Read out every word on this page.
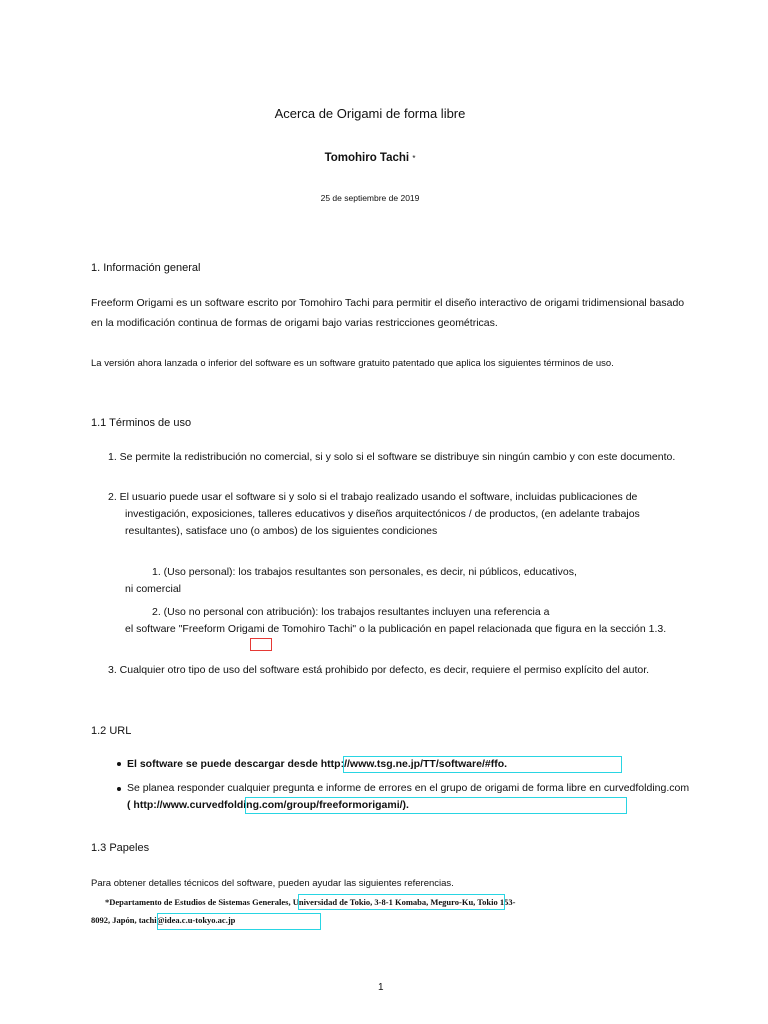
Acerca de Origami de forma libre
Tomohiro Tachi *
25 de septiembre de 2019
1. Información general
Freeform Origami es un software escrito por Tomohiro Tachi para permitir el diseño interactivo de origami tridimensional basado
en la modificación continua de formas de origami bajo varias restricciones geométricas.
La versión ahora lanzada o inferior del software es un software gratuito patentado que aplica los siguientes términos de uso.
1.1 Términos de uso
1. Se permite la redistribución no comercial, si y solo si el software se distribuye sin ningún cambio y con este documento.
2. El usuario puede usar el software si y solo si el trabajo realizado usando el software, incluidas publicaciones de
investigación, exposiciones, talleres educativos y diseños arquitectónicos / de productos, (en adelante trabajos
resultantes), satisface uno (o ambos) de los siguientes condiciones
1. (Uso personal): los trabajos resultantes son personales, es decir, ni públicos, educativos,
ni comercial
2. (Uso no personal con atribución): los trabajos resultantes incluyen una referencia a
el software "Freeform Origami de Tomohiro Tachi" o la publicación en papel relacionada que figura en la sección 1.3.
3. Cualquier otro tipo de uso del software está prohibido por defecto, es decir, requiere el permiso explícito del autor.
1.2 URL
El software se puede descargar desde http://www.tsg.ne.jp/TT/software/#ffo.
Se planea responder cualquier pregunta e informe de errores en el grupo de origami de forma libre en curvedfolding.com
( http://www.curvedfolding.com/group/freeformorigami/).
1.3 Papeles
Para obtener detalles técnicos del software, pueden ayudar las siguientes referencias.
*Departamento de Estudios de Sistemas Generales, Universidad de Tokio, 3-8-1 Komaba, Meguro-Ku, Tokio 153-
8092, Japón, tachi@idea.c.u-tokyo.ac.jp
1
